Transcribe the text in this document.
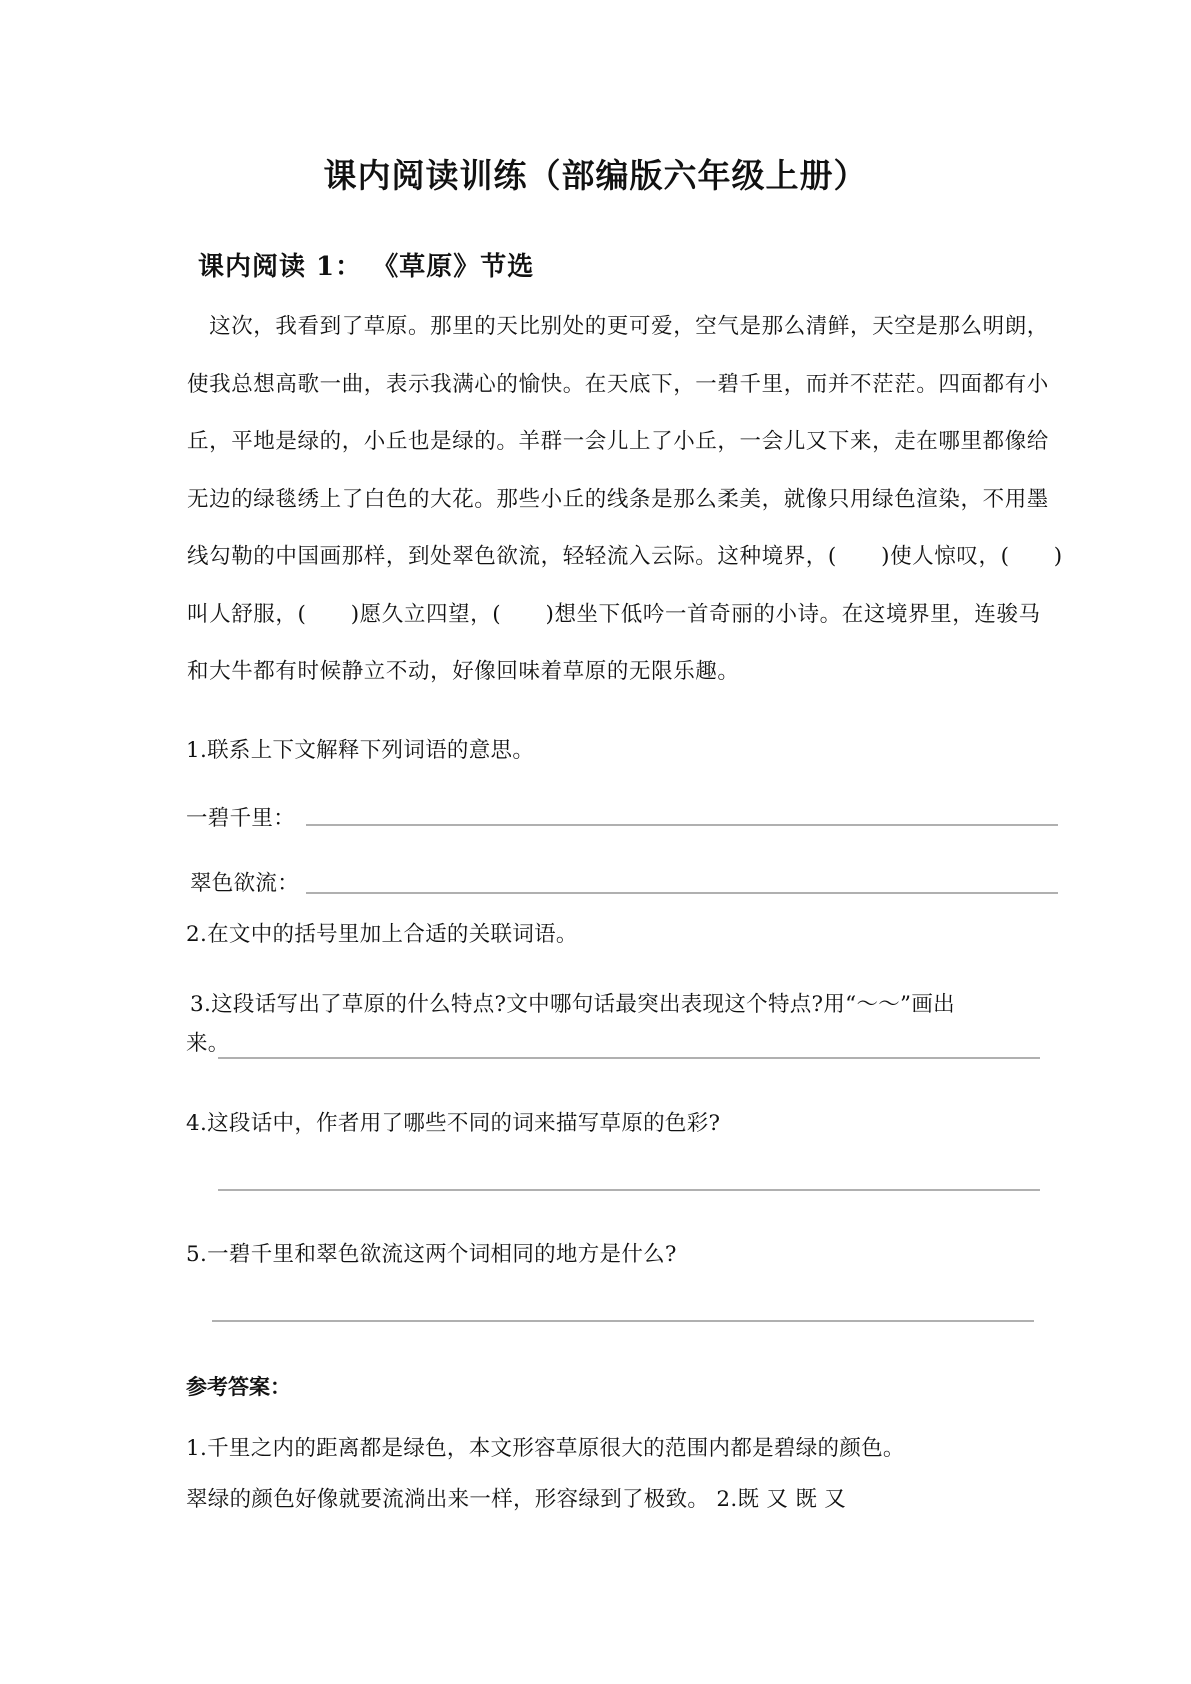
课内阅读训练（部编版六年级上册）
课内阅读 1： 《草原》节选
　这次，我看到了草原。那里的天比别处的更可爱，空气是那么清鲜，天空是那么明朗，
使我总想高歌一曲，表示我满心的愉快。在天底下，一碧千里，而并不茫茫。四面都有小
丘，平地是绿的，小丘也是绿的。羊群一会儿上了小丘，一会儿又下来，走在哪里都像给
无边的绿毯绣上了白色的大花。那些小丘的线条是那么柔美，就像只用绿色渲染，不用墨
线勾勒的中国画那样，到处翠色欲流，轻轻流入云际。这种境界，(　　)使人惊叹，(　　)
叫人舒服，(　　)愿久立四望，(　　)想坐下低吟一首奇丽的小诗。在这境界里，连骏马
和大牛都有时候静立不动，好像回味着草原的无限乐趣。
1.联系上下文解释下列词语的意思。
一碧千里：
翠色欲流：
2.在文中的括号里加上合适的关联词语。
3.这段话写出了草原的什么特点?文中哪句话最突出表现这个特点?用“～～”画出
来。
4.这段话中，作者用了哪些不同的词来描写草原的色彩?
5.一碧千里和翠色欲流这两个词相同的地方是什么?
参考答案：
1.千里之内的距离都是绿色，本文形容草原很大的范围内都是碧绿的颜色。
翠绿的颜色好像就要流淌出来一样，形容绿到了极致。 2.既 又 既 又
